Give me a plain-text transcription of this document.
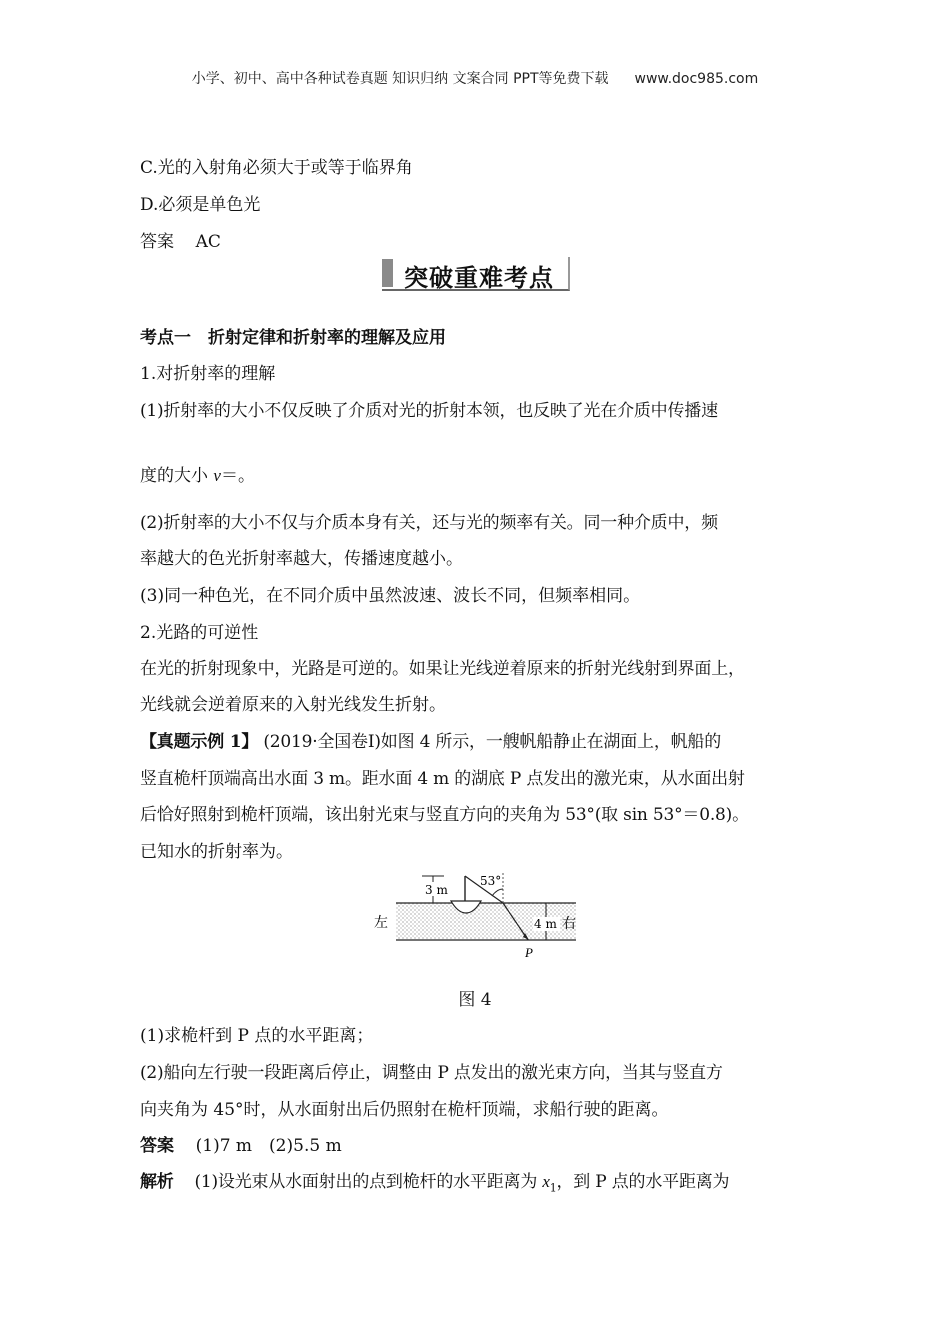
小学、初中、高中各种试卷真题 知识归纳 文案合同 PPT等免费下载 www.doc985.com
C.光的入射角必须大于或等于临界角
D.必须是单色光
答案 AC
突破重难考点
考点一　折射定律和折射率的理解及应用
1.对折射率的理解
(1)折射率的大小不仅反映了介质对光的折射本领，也反映了光在介质中传播速
度的大小 v＝。
(2)折射率的大小不仅与介质本身有关，还与光的频率有关。同一种介质中，频
率越大的色光折射率越大，传播速度越小。
(3)同一种色光，在不同介质中虽然波速、波长不同，但频率相同。
2.光路的可逆性
在光的折射现象中，光路是可逆的。如果让光线逆着原来的折射光线射到界面上，
光线就会逆着原来的入射光线发生折射。
【真题示例 1】 (2019·全国卷Ⅰ)如图 4 所示，一艘帆船静止在湖面上，帆船的
竖直桅杆顶端高出水面 3 m。距水面 4 m 的湖底 P 点发出的激光束，从水面出射
后恰好照射到桅杆顶端，该出射光束与竖直方向的夹角为 53°(取 sin 53°＝0.8)。
已知水的折射率为。
3 m
53°
左	4 m 右
P
图 4
(1)求桅杆到 P 点的水平距离；
(2)船向左行驶一段距离后停止，调整由 P 点发出的激光束方向，当其与竖直方
向夹角为 45°时，从水面射出后仍照射在桅杆顶端，求船行驶的距离。
答案 (1)7 m　(2)5.5 m
解析 (1)设光束从水面射出的点到桅杆的水平距离为 $x_1$，到 P 点的水平距离为
